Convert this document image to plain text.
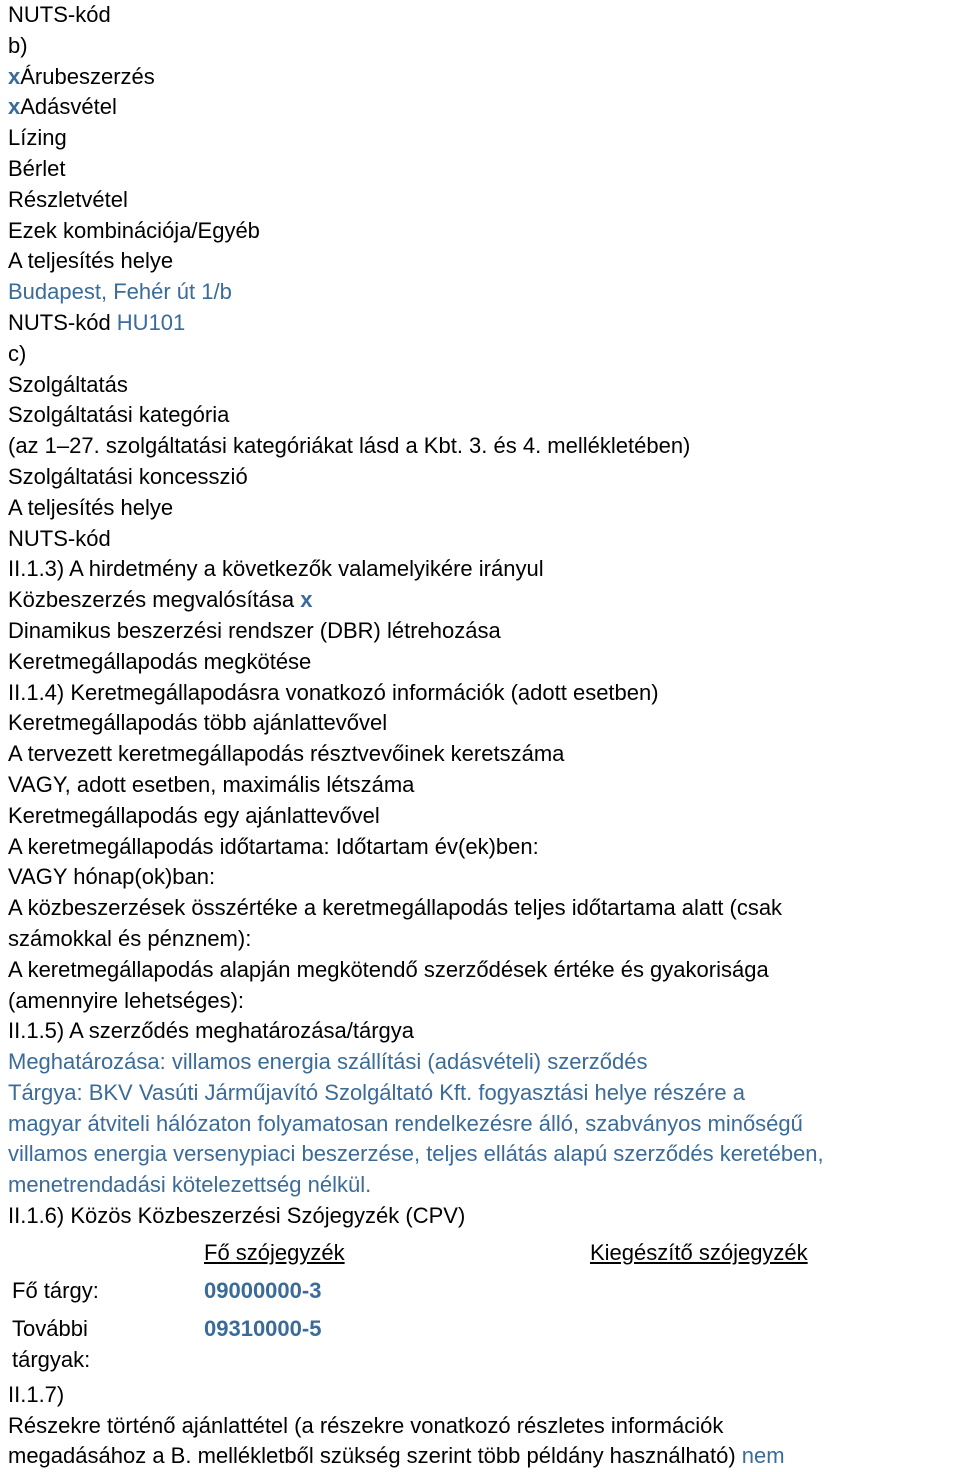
NUTS-kód
b)
xÁrubeszerzés
xAdásvétel
Lízing
Bérlet
Részletvétel
Ezek kombinációja/Egyéb
A teljesítés helye
Budapest, Fehér út 1/b
NUTS-kód HU101
c)
Szolgáltatás
Szolgáltatási kategória
(az 1–27. szolgáltatási kategóriákat lásd a Kbt. 3. és 4. mellékletében)
Szolgáltatási koncesszió
A teljesítés helye
NUTS-kód
II.1.3) A hirdetmény a következők valamelyikére irányul
Közbeszerzés megvalósítása x
Dinamikus beszerzési rendszer (DBR) létrehozása
Keretmegállapodás megkötése
II.1.4) Keretmegállapodásra vonatkozó információk (adott esetben)
Keretmegállapodás több ajánlattevővel
A tervezett keretmegállapodás résztvevőinek keretszáma
VAGY, adott esetben, maximális létszáma
Keretmegállapodás egy ajánlattevővel
A keretmegállapodás időtartama: Időtartam év(ek)ben:
VAGY hónap(ok)ban:
A közbeszerzések összértéke a keretmegállapodás teljes időtartama alatt (csak
számokkal és pénznem):
A keretmegállapodás alapján megkötendő szerződések értéke és gyakorisága
(amennyire lehetséges):
II.1.5) A szerződés meghatározása/tárgya
Meghatározása: villamos energia szállítási (adásvételi) szerződés
Tárgya: BKV Vasúti Járműjavító Szolgáltató Kft. fogyasztási helye részére a
magyar átviteli hálózaton folyamatosan rendelkezésre álló, szabványos minőségű
villamos energia versenypiaci beszerzése, teljes ellátás alapú szerződés keretében,
menetrendadási kötelezettség nélkül.
II.1.6) Közös Közbeszerzési Szójegyzék (CPV)
Fő szójegyzék	Kiegészítő szójegyzék
Fő tárgy:	09000000-3
További
tárgyak:
09310000-5
II.1.7)
Részekre történő ajánlattétel (a részekre vonatkozó részletes információk
megadásához a B. mellékletből szükség szerint több példány használható) nem
